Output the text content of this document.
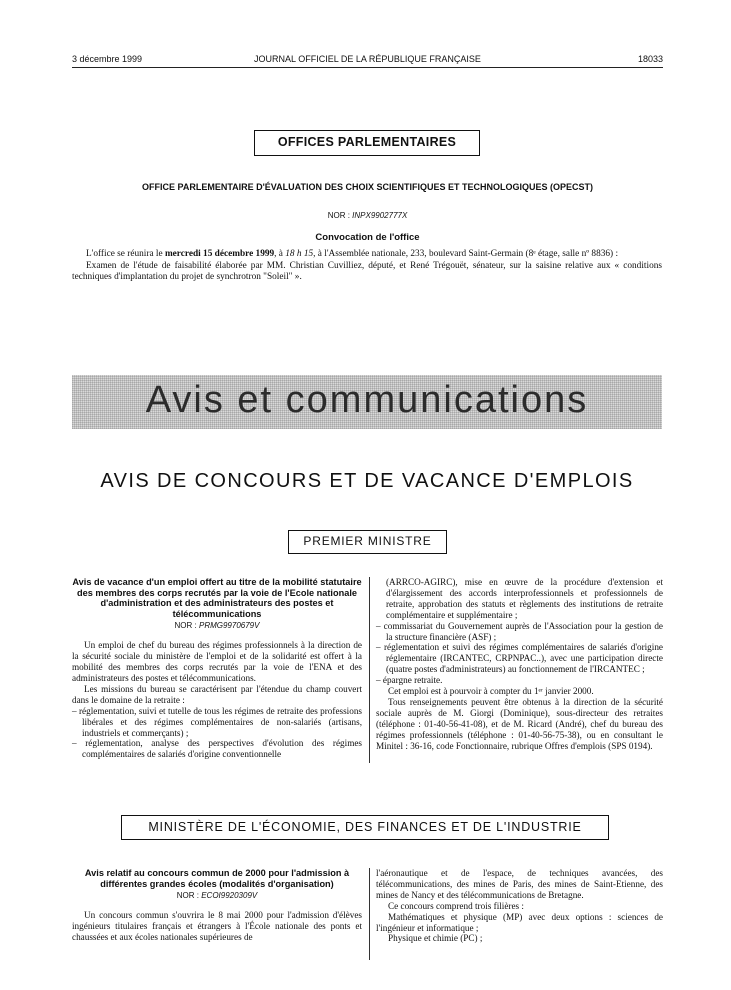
3 décembre 1999	JOURNAL OFFICIEL DE LA RÉPUBLIQUE FRANÇAISE	18033
OFFICES PARLEMENTAIRES
OFFICE PARLEMENTAIRE D'ÉVALUATION DES CHOIX SCIENTIFIQUES ET TECHNOLOGIQUES (OPECST)
NOR : INPX9902777X
Convocation de l'office

L'office se réunira le mercredi 15 décembre 1999, à 18 h 15, à l'Assemblée nationale, 233, boulevard Saint-Germain (8ᵉ étage, salle nº 8836) :

Examen de l'étude de faisabilité élaborée par MM. Christian Cuvilliez, député, et René Trégouët, sénateur, sur la saisine relative aux « conditions techniques d'implantation du projet de synchrotron "Soleil" ».

Avis et communications
AVIS DE CONCOURS ET DE VACANCE D'EMPLOIS
PREMIER MINISTRE
Avis de vacance d'un emploi offert au titre de la mobilité statutaire des membres des corps recrutés par la voie de l'Ecole nationale d'administration et des administrateurs des postes et télécommunications
NOR : PRMG9970679V

Un emploi de chef du bureau des régimes professionnels à la direction de la sécurité sociale du ministère de l'emploi et de la solidarité est offert à la mobilité des membres des corps recrutés par la voie de l'ENA et des administrateurs des postes et télécommunications.

Les missions du bureau se caractérisent par l'étendue du champ couvert dans le domaine de la retraite :

– réglementation, suivi et tutelle de tous les régimes de retraite des professions libérales et des régimes complémentaires de non-salariés (artisans, industriels et commerçants) ;

– réglementation, analyse des perspectives d'évolution des régimes complémentaires de salariés d'origine conventionnelle

(ARRCO-AGIRC), mise en œuvre de la procédure d'extension et d'élargissement des accords interprofessionnels et professionnels de retraite, approbation des statuts et règlements des institutions de retraite complémentaire et supplémentaire ;

– commissariat du Gouvernement auprès de l'Association pour la gestion de la structure financière (ASF) ;

– réglementation et suivi des régimes complémentaires de salariés d'origine réglementaire (IRCANTEC, CRPNPAC..), avec une participation directe (quatre postes d'administrateurs) au fonctionnement de l'IRCANTEC ;

– épargne retraite.

Cet emploi est à pourvoir à compter du 1ᵉʳ janvier 2000.

Tous renseignements peuvent être obtenus à la direction de la sécurité sociale auprès de M. Giorgi (Dominique), sous-directeur des retraites (téléphone : 01-40-56-41-08), et de M. Ricard (André), chef du bureau des régimes professionnels (téléphone : 01-40-56-75-38), ou en consultant le Minitel : 36-16, code Fonctionnaire, rubrique Offres d'emplois (SPS 0194).

MINISTÈRE DE L'ÉCONOMIE, DES FINANCES ET DE L'INDUSTRIE
Avis relatif au concours commun de 2000 pour l'admission à différentes grandes écoles (modalités d'organisation)
NOR : ECOI9920309V

Un concours commun s'ouvrira le 8 mai 2000 pour l'admission d'élèves ingénieurs titulaires français et étrangers à l'École nationale des ponts et chaussées et aux écoles nationales supérieures de

l'aéronautique et de l'espace, de techniques avancées, des télécommunications, des mines de Paris, des mines de Saint-Etienne, des mines de Nancy et des télécommunications de Bretagne.

Ce concours comprend trois filières :

Mathématiques et physique (MP) avec deux options : sciences de l'ingénieur et informatique ;

Physique et chimie (PC) ;
